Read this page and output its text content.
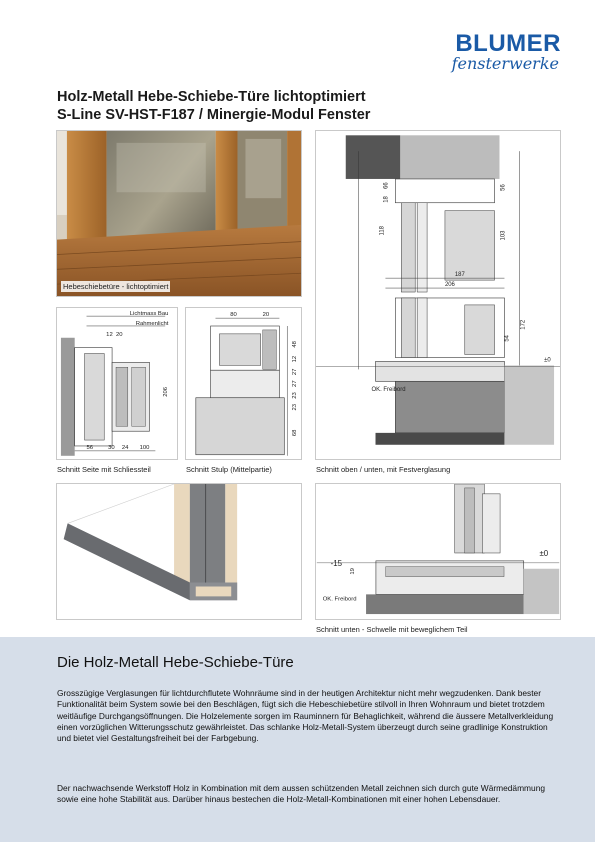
BLUMER
fensterwerke
Holz-Metall Hebe-Schiebe-Türe lichtoptimiert
S-Line SV-HST-F187 / Minergie-Modul Fenster
Hebeschiebetüre - lichtoptimiert
Lichtmass Bau
Rahmenlicht
12 20
206
56	30 24 100
Schnitt Seite mit Schliessteil
80	20
48
12
27
27
23
23
68
Schnitt Stulp (Mittelpartie)
66
18
56
118	103
187
206
54
172
OK. Freibord
±0
Schnitt oben / unten, mit Festverglasung
-15
±0
OK. Freibord
19
Schnitt unten - Schwelle mit beweglichem Teil
Die Holz-Metall Hebe-Schiebe-Türe
Grosszügige Verglasungen für lichtdurchflutete Wohnräume sind in der heutigen Architektur nicht mehr wegzudenken. Dank bester Funktionalität beim System sowie bei den Beschlägen, fügt sich die Hebeschiebetüre stilvoll in Ihren Wohnraum und bietet trotzdem weitläufige Durchgangsöffnungen. Die Holzelemente sorgen im Rauminnern für Behaglichkeit, während die äussere Metallverkleidung einen vorzüglichen Witterungsschutz gewährleistet. Das schlanke Holz-Metall-System überzeugt durch seine gradlinige Konstruktion und bietet viel Gestaltungsfreiheit bei der Farbgebung.
Der nachwachsende Werkstoff Holz in Kombination mit dem aussen schützenden Metall zeichnen sich durch gute Wärmedämmung sowie eine hohe Stabilität aus. Darüber hinaus bestechen die Holz-Metall-Kombinationen mit einer hohen Lebensdauer.
